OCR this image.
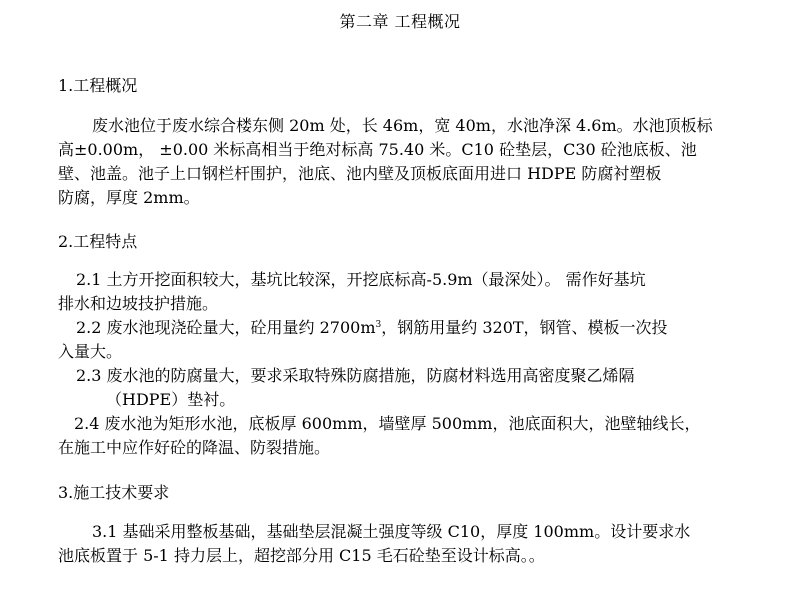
第二章 工程概况
1.工程概况
废水池位于废水综合楼东侧 20m 处，长 46m，宽 40m，水池净深 4.6m。水池顶板标
高±0.00m， ±0.00 米标高相当于绝对标高 75.40 米。C10 砼垫层，C30 砼池底板、池
壁、池盖。池子上口钢栏杆围护，池底、池内壁及顶板底面用进口 HDPE 防腐衬塑板
防腐，厚度 2mm。
2.工程特点
2.1 土方开挖面积较大，基坑比较深，开挖底标高-5.9m（最深处）。 需作好基坑
排水和边坡技护措施。
2.2 废水池现浇砼量大，砼用量约 $2700m^3$，钢筋用量约 320T，钢管、模板一次投
入量大。
2.3 废水池的防腐量大，要求采取特殊防腐措施，防腐材料选用高密度聚乙烯隔
（HDPE）垫衬。
2.4 废水池为矩形水池，底板厚 600mm，墙壁厚 500mm，池底面积大，池壁轴线长，
在施工中应作好砼的降温、防裂措施。
3.施工技术要求
3.1 基础采用整板基础，基础垫层混凝土强度等级 C10，厚度 100mm。设计要求水
池底板置于 5-1 持力层上，超挖部分用 C15 毛石砼垫至设计标高。。
